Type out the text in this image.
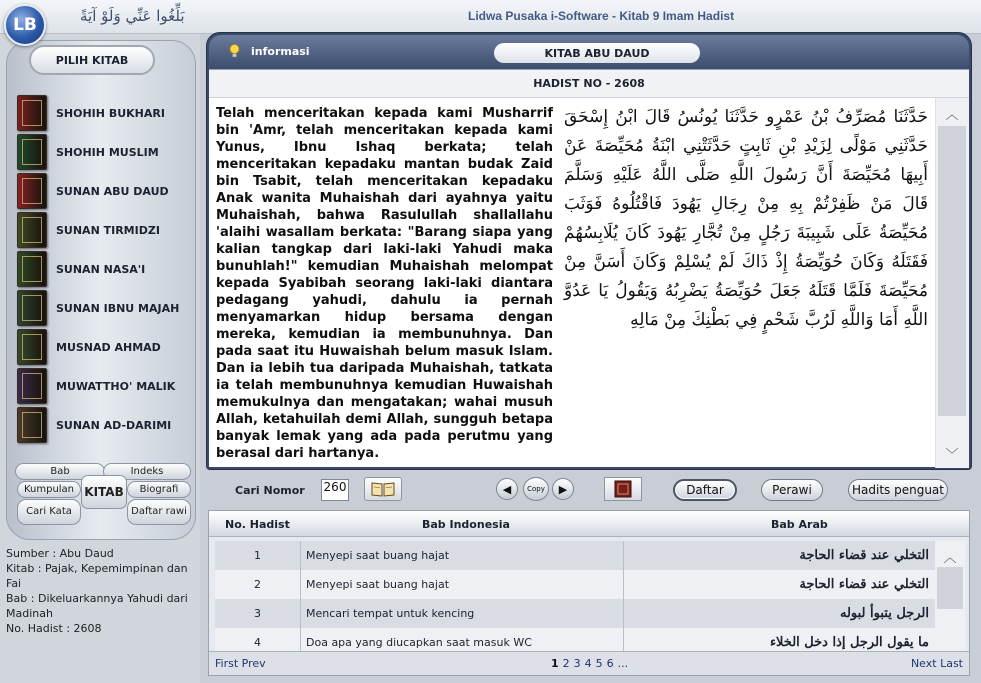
LB	بَلِّغُوا عَنِّي وَلَوْ آيَةً	Lidwa Pusaka i-Software - Kitab 9 Imam Hadist
PILIH KITAB
SHOHIH BUKHARI
SHOHIH MUSLIM
SUNAN ABU DAUD
SUNAN TIRMIDZI
SUNAN NASA'I
SUNAN IBNU MAJAH
MUSNAD AHMAD
MUWATTHO' MALIK
SUNAN AD-DARIMI
Bab	Indeks
Kumpulan	Biografi
Cari Kata	Daftar rawi
KITAB
Sumber : Abu Daud
Kitab : Pajak, Kepemimpinan dan Fai
Bab : Dikeluarkannya Yahudi dari Madinah
No. Hadist : 2608
informasi	KITAB ABU DAUD
HADIST NO - 2608
Telah menceritakan kepada kami Musharrif bin 'Amr, telah menceritakan kepada kami Yunus, Ibnu Ishaq berkata; telah menceritakan kepadaku mantan budak Zaid bin Tsabit, telah menceritakan kepadaku Anak wanita Muhaishah dari ayahnya yaitu Muhaishah, bahwa Rasulullah shallallahu 'alaihi wasallam berkata: "Barang siapa yang kalian tangkap dari laki-laki Yahudi maka bunuhlah!" kemudian Muhaishah melompat kepada Syabibah seorang laki-laki diantara pedagang yahudi, dahulu ia pernah menyamarkan hidup bersama dengan mereka, kemudian ia membunuhnya. Dan pada saat itu Huwaishah belum masuk Islam. Dan ia lebih tua daripada Muhaishah, tatkata ia telah membunuhnya kemudian Huwaishah memukulnya dan mengatakan; wahai musuh Allah, ketahuilah demi Allah, sungguh betapa banyak lemak yang ada pada perutmu yang berasal dari hartanya.
حَدَّثَنَا مُصَرِّفُ بْنُ عَمْرٍو حَدَّثَنَا يُونُسُ قَالَ ابْنُ إِسْحَقَ حَدَّثَنِي مَوْلًى لِزَيْدِ بْنِ ثَابِتٍ حَدَّثَتْنِي ابْنَةُ مُحَيِّصَةَ عَنْ أَبِيهَا مُحَيِّصَةَ أَنَّ رَسُولَ اللَّهِ صَلَّى اللَّهُ عَلَيْهِ وَسَلَّمَ قَالَ مَنْ ظَفِرْتُمْ بِهِ مِنْ رِجَالِ يَهُودَ فَاقْتُلُوهُ فَوَثَبَ مُحَيِّصَةُ عَلَى شَبِيبَةَ رَجُلٍ مِنْ تُجَّارِ يَهُودَ كَانَ يُلَابِسُهُمْ فَقَتَلَهُ وَكَانَ حُوَيِّصَةُ إِذْ ذَاكَ لَمْ يُسْلِمْ وَكَانَ أَسَنَّ مِنْ مُحَيِّصَةَ فَلَمَّا قَتَلَهُ جَعَلَ حُوَيِّصَةُ يَضْرِبُهُ وَيَقُولُ يَا عَدُوَّ اللَّهِ أَمَا وَاللَّهِ لَرُبَّ شَحْمٍ فِي بَطْنِكَ مِنْ مَالِهِ
︿
﹀
Cari Nomor 260	◀	Copy	▶	Daftar	Perawi	Hadits penguat
No. Hadist	Bab Indonesia	Bab Arab
1	Menyepi saat buang hajat	التخلي عند قضاء الحاجة
2	Menyepi saat buang hajat	التخلي عند قضاء الحاجة
3	Mencari tempat untuk kencing	الرجل يتبوأ لبوله
4	Doa apa yang diucapkan saat masuk WC	ما يقول الرجل إذا دخل الخلاء
︿
First Prev	1 2 3 4 5 6 ...	Next Last
